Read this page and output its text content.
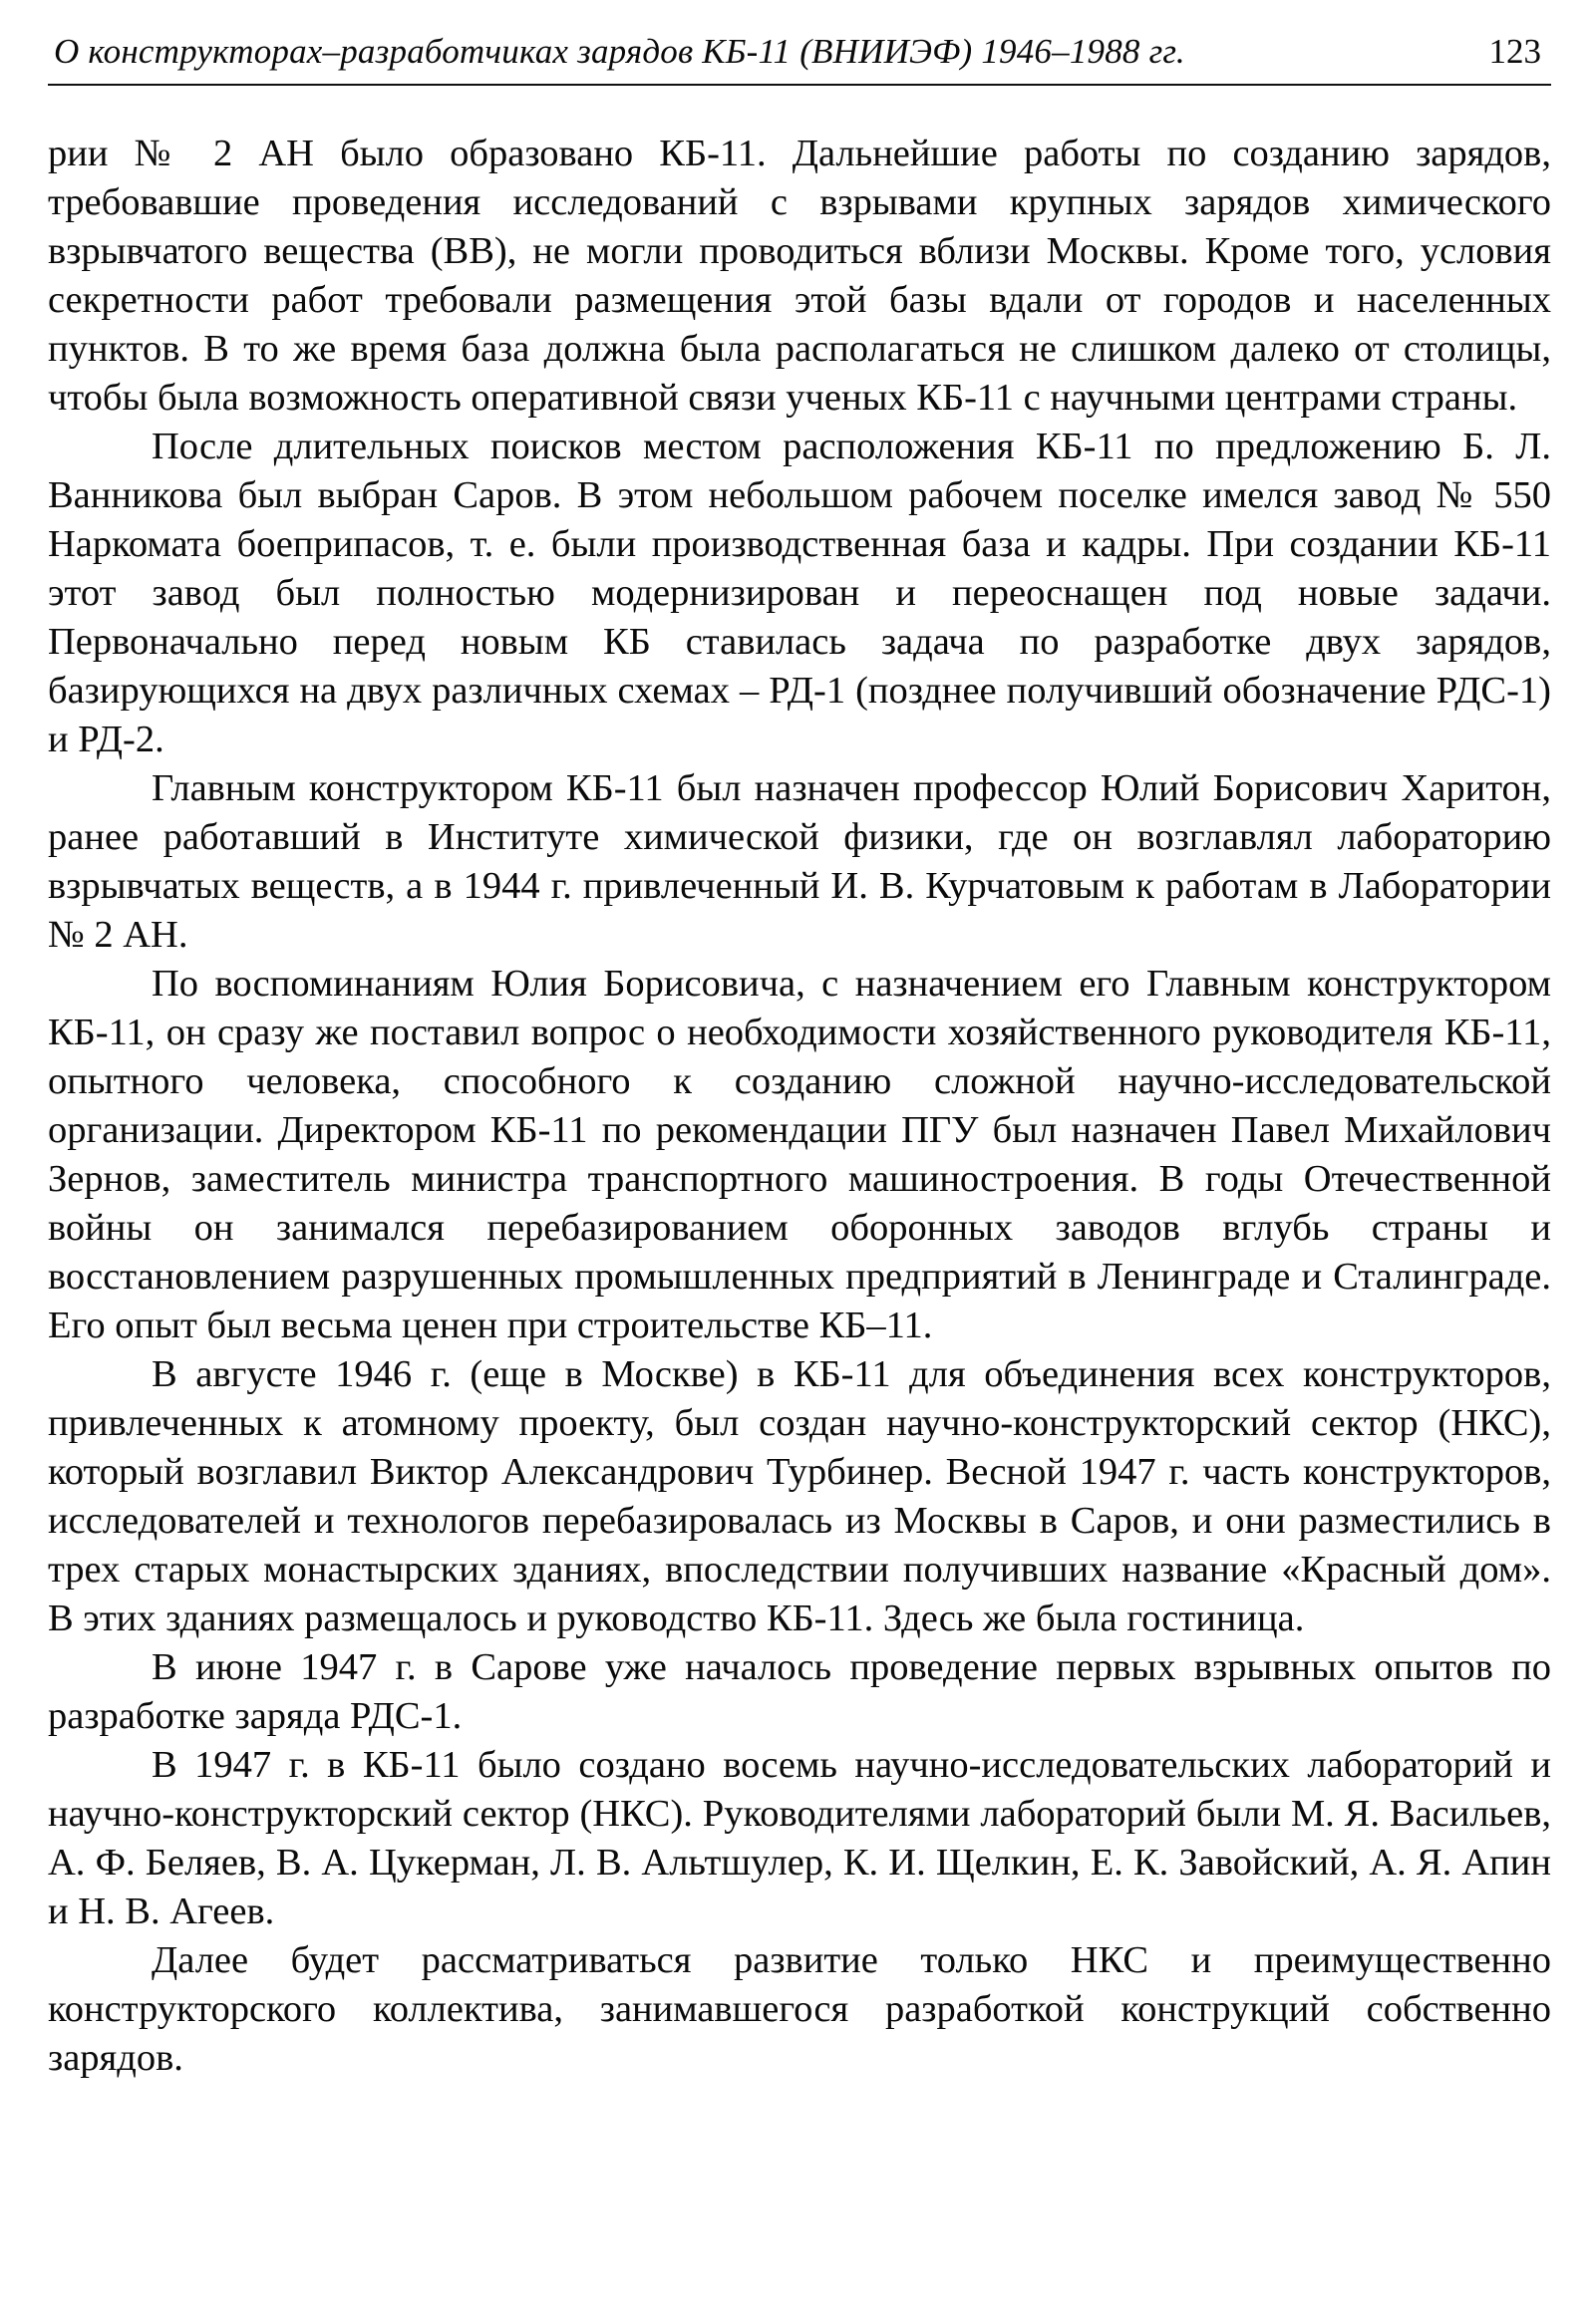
О конструкторах–разработчиках зарядов КБ-11 (ВНИИЭФ) 1946–1988 гг.	123

рии № 2 АН было образовано КБ-11. Дальнейшие работы по созданию зарядов, требовавшие проведения исследований с взрывами крупных зарядов химического взрывчатого вещества (ВВ), не могли проводиться вблизи Москвы. Кроме того, условия секретности работ требовали размещения этой базы вдали от городов и населенных пунктов. В то же время база должна была располагаться не слишком далеко от столицы, чтобы была возможность оперативной связи ученых КБ-11 с научными центрами страны.

После длительных поисков местом расположения КБ-11 по предложению Б. Л. Ванникова был выбран Саров. В этом небольшом рабочем поселке имелся завод № 550 Наркомата боеприпасов, т. е. были производственная база и кадры. При создании КБ-11 этот завод был полностью модернизирован и переоснащен под новые задачи. Первоначально перед новым КБ ставилась задача по разработке двух зарядов, базирующихся на двух различных схемах – РД-1 (позднее получивший обозначение РДС-1) и РД-2.

Главным конструктором КБ-11 был назначен профессор Юлий Борисович Харитон, ранее работавший в Институте химической физики, где он возглавлял лабораторию взрывчатых веществ, а в 1944 г. привлеченный И. В. Курчатовым к работам в Лаборатории № 2 АН.

По воспоминаниям Юлия Борисовича, с назначением его Главным конструктором КБ-11, он сразу же поставил вопрос о необходимости хозяйственного руководителя КБ-11, опытного человека, способного к созданию сложной научно-исследовательской организации. Директором КБ-11 по рекомендации ПГУ был назначен Павел Михайлович Зернов, заместитель министра транспортного машиностроения. В годы Отечественной войны он занимался перебазированием оборонных заводов вглубь страны и восстановлением разрушенных промышленных предприятий в Ленинграде и Сталинграде. Его опыт был весьма ценен при строительстве КБ–11.

В августе 1946 г. (еще в Москве) в КБ-11 для объединения всех конструкторов, привлеченных к атомному проекту, был создан научно-конструкторский сектор (НКС), который возглавил Виктор Александрович Турбинер. Весной 1947 г. часть конструкторов, исследователей и технологов перебазировалась из Москвы в Саров, и они разместились в трех старых монастырских зданиях, впоследствии получивших название «Красный дом». В этих зданиях размещалось и руководство КБ-11. Здесь же была гостиница.

В июне 1947 г. в Сарове уже началось проведение первых взрывных опытов по разработке заряда РДС-1.

В 1947 г. в КБ-11 было создано восемь научно-исследовательских лабораторий и научно-конструкторский сектор (НКС). Руководителями лабораторий были М. Я. Васильев, А. Ф. Беляев, В. А. Цукерман, Л. В. Альтшулер, К. И. Щелкин, Е. К. Завойский, А. Я. Апин и Н. В. Агеев.

Далее будет рассматриваться развитие только НКС и преимущественно конструкторского коллектива, занимавшегося разработкой конструкций собственно зарядов.
